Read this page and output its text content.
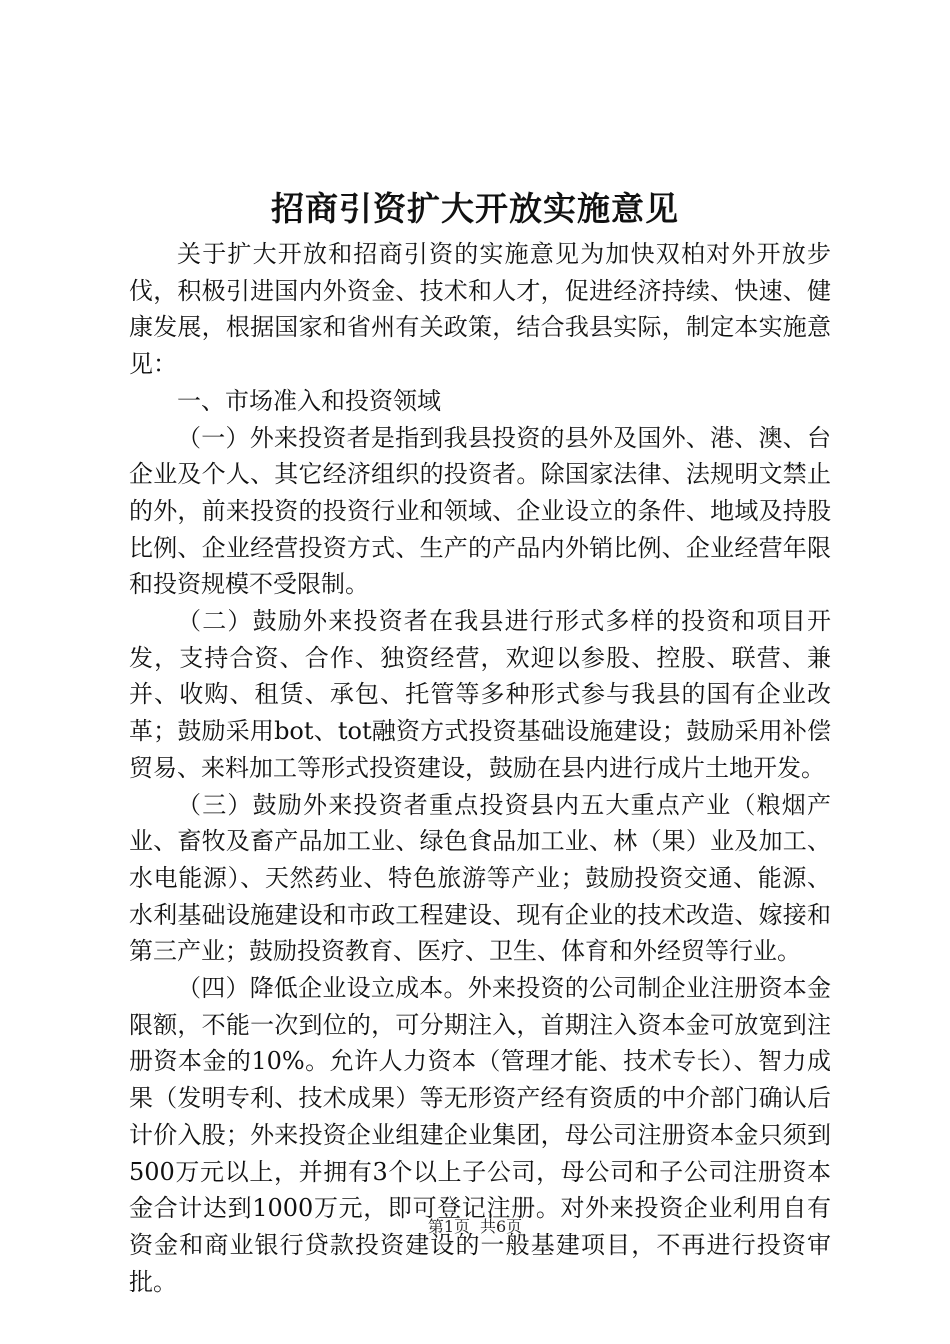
招商引资扩大开放实施意见

关于扩大开放和招商引资的实施意见为加快双柏对外开放步伐，积极引进国内外资金、技术和人才，促进经济持续、快速、健康发展，根据国家和省州有关政策，结合我县实际，制定本实施意见：

一、市场准入和投资领域

（一）外来投资者是指到我县投资的县外及国外、港、澳、台企业及个人、其它经济组织的投资者。除国家法律、法规明文禁止的外，前来投资的投资行业和领域、企业设立的条件、地域及持股比例、企业经营投资方式、生产的产品内外销比例、企业经营年限和投资规模不受限制。

（二）鼓励外来投资者在我县进行形式多样的投资和项目开发，支持合资、合作、独资经营，欢迎以参股、控股、联营、兼并、收购、租赁、承包、托管等多种形式参与我县的国有企业改革；鼓励采用bot、tot融资方式投资基础设施建设；鼓励采用补偿贸易、来料加工等形式投资建设，鼓励在县内进行成片土地开发。

（三）鼓励外来投资者重点投资县内五大重点产业（粮烟产业、畜牧及畜产品加工业、绿色食品加工业、林（果）业及加工、水电能源）、天然药业、特色旅游等产业；鼓励投资交通、能源、水利基础设施建设和市政工程建设、现有企业的技术改造、嫁接和第三产业；鼓励投资教育、医疗、卫生、体育和外经贸等行业。

（四）降低企业设立成本。外来投资的公司制企业注册资本金限额，不能一次到位的，可分期注入，首期注入资本金可放宽到注册资本金的10%。允许人力资本（管理才能、技术专长）、智力成果（发明专利、技术成果）等无形资产经有资质的中介部门确认后计价入股；外来投资企业组建企业集团，母公司注册资本金只须到500万元以上，并拥有3个以上子公司，母公司和子公司注册资本金合计达到1000万元，即可登记注册。对外来投资企业利用自有资金和商业银行贷款投资建设的一般基建项目，不再进行投资审批。

第1页 共6页
